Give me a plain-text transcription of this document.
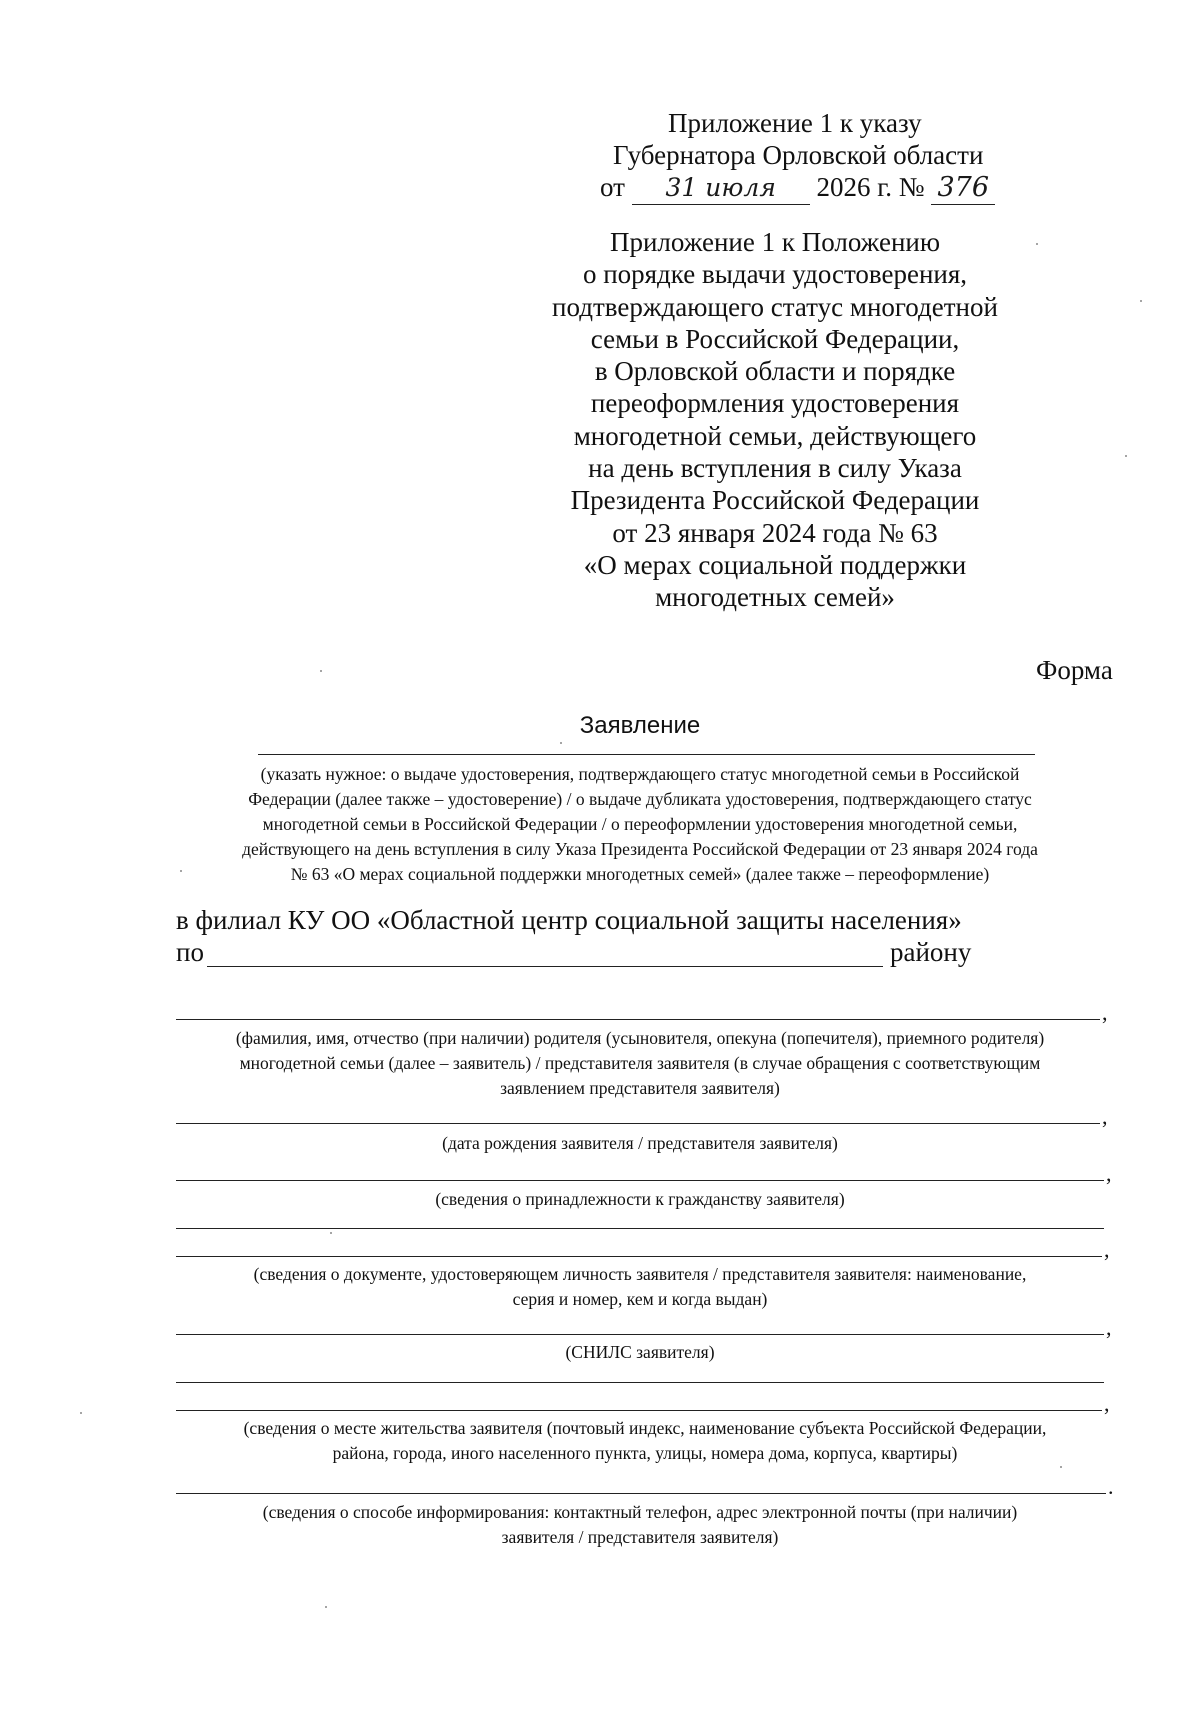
Приложение 1 к указу
Губернатора Орловской области
от 31 июля 2026 г. № 376
Приложение 1 к Положению
о порядке выдачи удостоверения,
подтверждающего статус многодетной
семьи в Российской Федерации,
в Орловской области и порядке
переоформления удостоверения
многодетной семьи, действующего
на день вступления в силу Указа
Президента Российской Федерации
от 23 января 2024 года № 63
«О мерах социальной поддержки
многодетных семей»
Форма
Заявление
(указать нужное: о выдаче удостоверения, подтверждающего статус многодетной семьи в Российской
Федерации (далее также – удостоверение) / о выдаче дубликата удостоверения, подтверждающего статус
многодетной семьи в Российской Федерации / о переоформлении удостоверения многодетной семьи,
действующего на день вступления в силу Указа Президента Российской Федерации от 23 января 2024 года
№ 63 «О мерах социальной поддержки многодетных семей» (далее также – переоформление)
в филиал КУ ОО «Областной центр социальной защиты населения»
по	району
,
(фамилия, имя, отчество (при наличии) родителя (усыновителя, опекуна (попечителя), приемного родителя)
многодетной семьи (далее – заявитель) / представителя заявителя (в случае обращения с соответствующим
заявлением представителя заявителя)
,
(дата рождения заявителя / представителя заявителя)
,
(сведения о принадлежности к гражданству заявителя)
,
(сведения о документе, удостоверяющем личность заявителя / представителя заявителя: наименование,
серия и номер, кем и когда выдан)
,
(СНИЛС заявителя)
,
(сведения о месте жительства заявителя (почтовый индекс, наименование субъекта Российской Федерации,
района, города, иного населенного пункта, улицы, номера дома, корпуса, квартиры)
.
(сведения о способе информирования: контактный телефон, адрес электронной почты (при наличии)
заявителя / представителя заявителя)
